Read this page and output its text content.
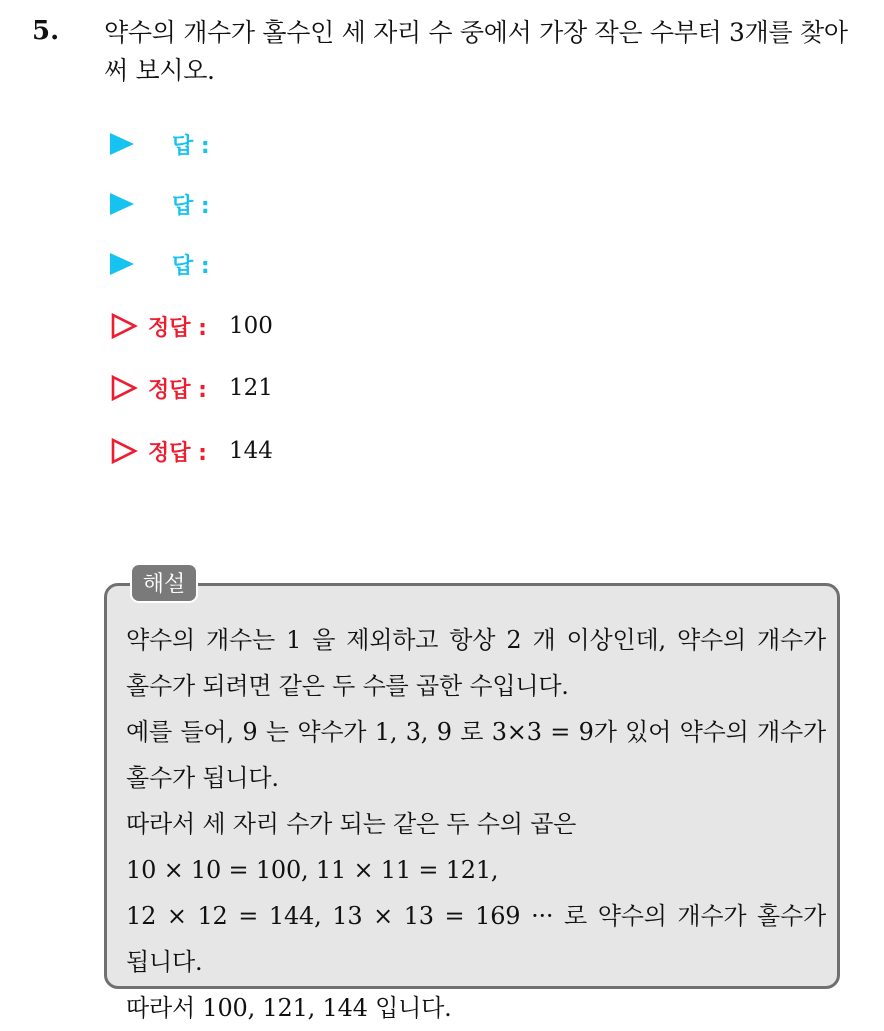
5. 약수의 개수가 홀수인 세 자리 수 중에서 가장 작은 수부터 3개를 찾아 써 보시오.
답 :
답 :
답 :
정답 : 100
정답 : 121
정답 : 144
해설
약수의 개수는 1 을 제외하고 항상 2 개 이상인데, 약수의 개수가
홀수가 되려면 같은 두 수를 곱한 수입니다.
예를 들어, 9 는 약수가 1, 3, 9 로 3×3 = 9가 있어 약수의 개수가
홀수가 됩니다.
따라서 세 자리 수가 되는 같은 두 수의 곱은
10 × 10 = 100, 11 × 11 = 121,
12 × 12 = 144, 13 × 13 = 169 ··· 로 약수의 개수가 홀수가
됩니다.
따라서 100, 121, 144 입니다.
